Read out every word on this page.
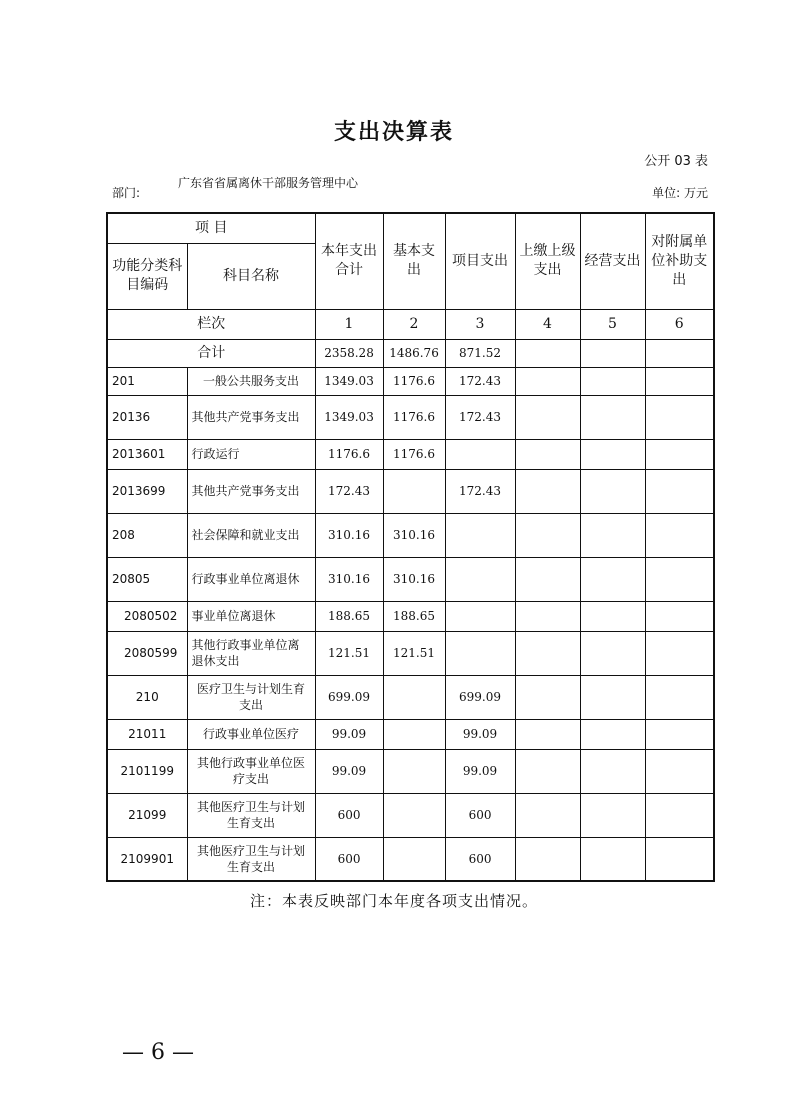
支出决算表
公开 03 表
部门:
广东省省属离休干部服务管理中心
单位: 万元
项 目		本年支出合计	基本支出	项目支出	上缴上级支出	经营支出	对附属单位补助支出
功能分类科目编码	科目名称						
栏次		1	2	3	4	5	6
合计		2358.28	1486.76	871.52			
201	一般公共服务支出	1349.03	1176.6	172.43			
20136	其他共产党事务支出	1349.03	1176.6	172.43			
2013601	行政运行	1176.6	1176.6				
2013699	其他共产党事务支出	172.43		172.43			
208	社会保障和就业支出	310.16	310.16				
20805	行政事业单位离退休	310.16	310.16				
2080502	事业单位离退休	188.65	188.65				
2080599	其他行政事业单位离退休支出	121.51	121.51				
210	医疗卫生与计划生育支出	699.09		699.09			
21011	行政事业单位医疗	99.09		99.09			
2101199	其他行政事业单位医疗支出	99.09		99.09			
21099	其他医疗卫生与计划生育支出	600		600			
2109901	其他医疗卫生与计划生育支出	600		600			
注：本表反映部门本年度各项支出情况。
— 6 —
